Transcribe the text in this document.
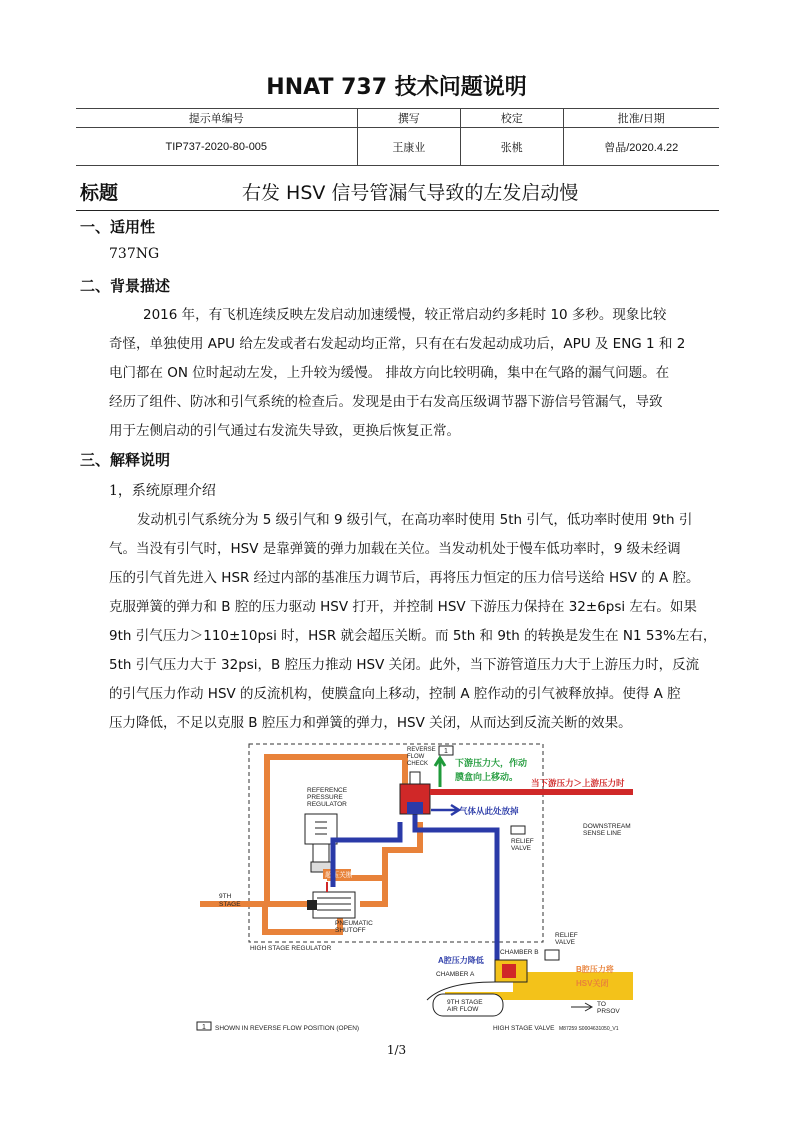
HNAT 737 技术问题说明
提示单编号	撰写	校定	批准/日期
TIP737-2020-80-005	王康业	张桃	曾晶/2020.4.22
标题	右发 HSV 信号管漏气导致的左发启动慢
一、适用性
737NG
二、背景描述
2016 年，有飞机连续反映左发启动加速缓慢，较正常启动约多耗时 10 多秒。现象比较
奇怪，单独使用 APU 给左发或者右发起动均正常，只有在右发起动成功后，APU 及 ENG 1 和 2
电门都在 ON 位时起动左发，上升较为缓慢。 排故方向比较明确，集中在气路的漏气问题。在
经历了组件、防冰和引气系统的检查后。发现是由于右发高压级调节器下游信号管漏气，导致
用于左侧启动的引气通过右发流失导致，更换后恢复正常。
三、解释说明
1，系统原理介绍
发动机引气系统分为 5 级引气和 9 级引气，在高功率时使用 5th 引气，低功率时使用 9th 引
气。当没有引气时，HSV 是靠弹簧的弹力加载在关位。当发动机处于慢车低功率时，9 级未经调
压的引气首先进入 HSR 经过内部的基准压力调节后，再将压力恒定的压力信号送给 HSV 的 A 腔。
克服弹簧的弹力和 B 腔的压力驱动 HSV 打开，并控制 HSV 下游压力保持在 32±6psi 左右。如果
9th 引气压力＞110±10psi 时，HSR 就会超压关断。而 5th 和 9th 的转换是发生在 N1 53%左右，
5th 引气压力大于 32psi，B 腔压力推动 HSV 关闭。此外，当下游管道压力大于上游压力时，反流
的引气压力作动 HSV 的反流机构，使膜盒向上移动，控制 A 腔作动的引气被释放掉。使得 A 腔
压力降低，不足以克服 B 腔压力和弹簧的弹力，HSV 关闭，从而达到反流关断的效果。
REFERENCE PRESSURE REGULATOR
PNEUMATIC SHUTOFF
超压关断
9TH STAGE
HIGH STAGE REGULATOR
REVERSE FLOW CHECK
1
下游压力大，作动膜盒向上移动。
当下游压力＞上游压力时
DOWNSTREAM SENSE LINE
气体从此处放掉
RELIEF VALVE
RELIEF VALVE
CHAMBER B
CHAMBER A
A腔压力降低
B腔压力将 HSV关闭
9TH STAGE AIR FLOW
TO PRSOV
1 SHOWN IN REVERSE FLOW POSITION (OPEN)	HIGH STAGE VALVE M87259 S0004631050_V1
1/3
